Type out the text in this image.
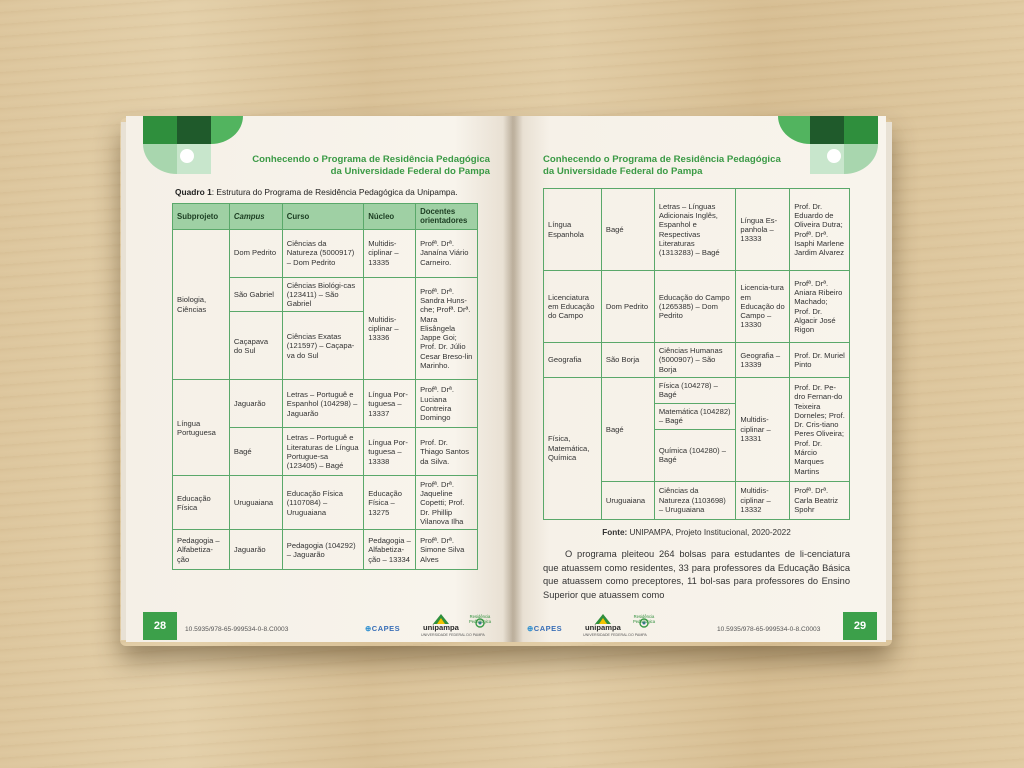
Conhecendo o Programa de Residência Pedagógica
da Universidade Federal do Pampa
Quadro 1: Estrutura do Programa de Residência Pedagógica da Unipampa.
Subprojeto	Campus	Curso	Núcleo	Docentes orientadores
Biologia, Ciências	Dom Pedrito	Ciências da Natureza (5000917) – Dom Pedrito	Multidis-ciplinar – 13335	Profª. Drª. Janaína Viário Carneiro.
	São Gabriel	Ciências Biológi-cas (123411) – São Gabriel	Multidis-ciplinar – 13336	Profª. Drª. Sandra Huns-che; Profª. Drª. Mara Elisângela Jappe Goi; Prof. Dr. Júlio Cesar Breso-lin Marinho.
	Caçapava do Sul	Ciências Exatas (121597) – Caçapa-va do Sul		
Língua Portuguesa	Jaguarão	Letras – Portuguê e Espanhol (104298) – Jaguarão	Língua Por-tuguesa – 13337	Profª. Drª. Luciana Contreira Domingo
	Bagé	Letras – Portuguê e Literaturas de Língua Portugue-sa (123405) – Bagé	Língua Por-tuguesa – 13338	Prof. Dr. Thiago Santos da Silva.
Educação Física	Uruguaiana	Educação Física (1107084) – Uruguaiana	Educação Física – 13275	Profª. Drª. Jaqueline Copetti; Prof. Dr. Phillip Vilanova Ilha
Pedagogia – Alfabetiza-ção	Jaguarão	Pedagogia (104292) – Jaguarão	Pedagogia – Alfabetiza-ção – 13334	Profª. Drª. Simone Silva Alves
28	10.5935/978-65-999534-0-8.C0003	⊕CAPES	unipampa
UNIVERSIDADE FEDERAL DO PAMPA
Residência Pedagógica
Conhecendo o Programa de Residência Pedagógica
da Universidade Federal do Pampa
Língua Espanhola	Bagé	Letras – Línguas Adicionais Inglês, Espanhol e Respectivas Literaturas (1313283) – Bagé	Língua Es-panhola – 13333	Prof. Dr. Eduardo de Oliveira Dutra; Profª. Drª. Isaphi Marlene Jardim Alvarez
Licenciatura em Educação do Campo	Dom Pedrito	Educação do Campo (1265385) – Dom Pedrito	Licencia-tura em Educação do Campo – 13330	Profª. Drª. Aniara Ribeiro Machado; Prof. Dr. Algacir José Rigon
Geografia	São Borja	Ciências Humanas (5000907) – São Borja	Geografia – 13339	Prof. Dr. Muriel Pinto
Física, Matemática, Química	Bagé	Física (104278) – Bagé	Multidis-ciplinar – 13331	Prof. Dr. Pe-dro Fernan-do Teixeira Dorneles; Prof. Dr. Cris-tiano Peres Oliveira; Prof. Dr. Márcio Marques Martins
		Matemática (104282) – Bagé		
		Química (104280) – Bagé		
	Uruguaiana	Ciências da Natureza (1103698) – Uruguaiana	Multidis-ciplinar – 13332	Profª. Drª. Carla Beatriz Spohr
Fonte: UNIPAMPA, Projeto Institucional, 2020-2022
O programa pleiteou 264 bolsas para estudantes de li-cenciatura que atuassem como residentes, 33 para professores da Educação Básica que atuassem como preceptores, 11 bol-sas para professores do Ensino Superior que atuassem como
⊕CAPES	unipampa
UNIVERSIDADE FEDERAL DO PAMPA
Residência Pedagógica
10.5935/978-65-999534-0-8.C0003	29
